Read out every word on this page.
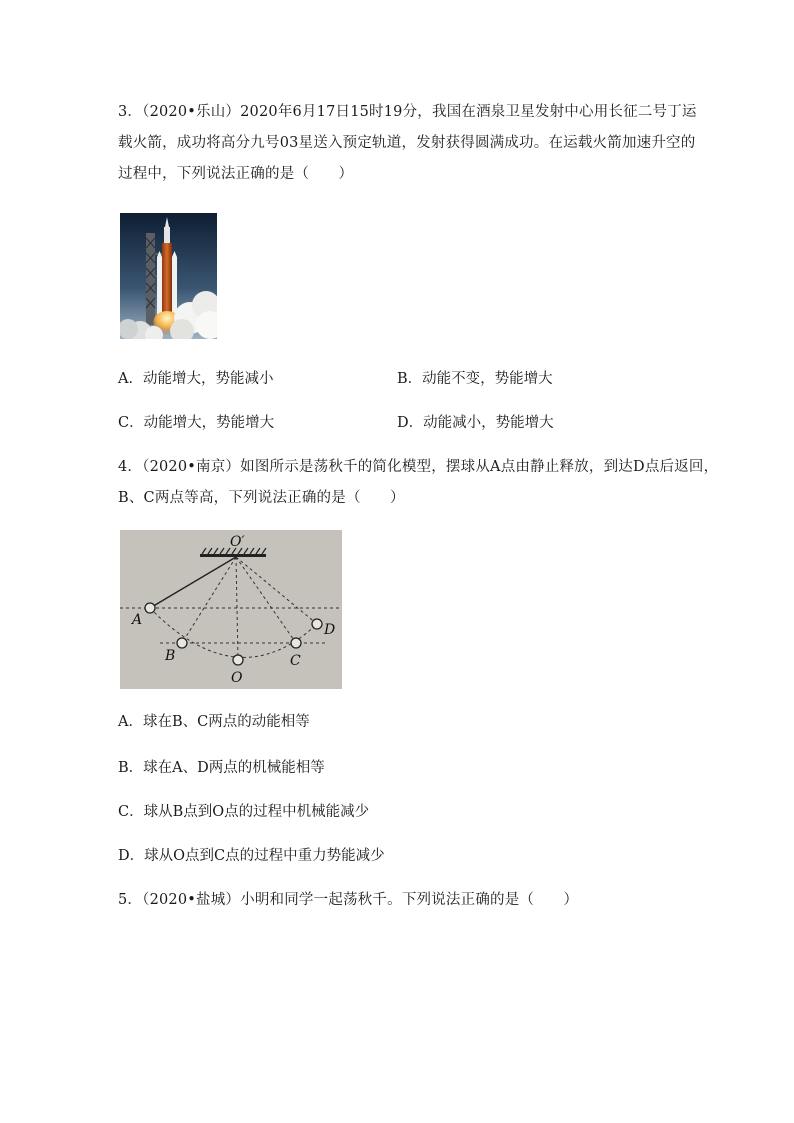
3．（2020•乐山）2020年6月17日15时19分，我国在酒泉卫星发射中心用长征二号丁运
载火箭，成功将高分九号03星送入预定轨道，发射获得圆满成功。在运载火箭加速升空的
过程中，下列说法正确的是（　　）
A．动能增大，势能减小	B．动能不变，势能增大
C．动能增大，势能增大	D．动能减小，势能增大
4．（2020•南京）如图所示是荡秋千的简化模型，摆球从A点由静止释放，到达D点后返回，
B、C两点等高，下列说法正确的是（　　）
O′
A
B
O
C
D
A．球在B、C两点的动能相等
B．球在A、D两点的机械能相等
C．球从B点到O点的过程中机械能减少
D．球从O点到C点的过程中重力势能减少
5．（2020•盐城）小明和同学一起荡秋千。下列说法正确的是（　　）
